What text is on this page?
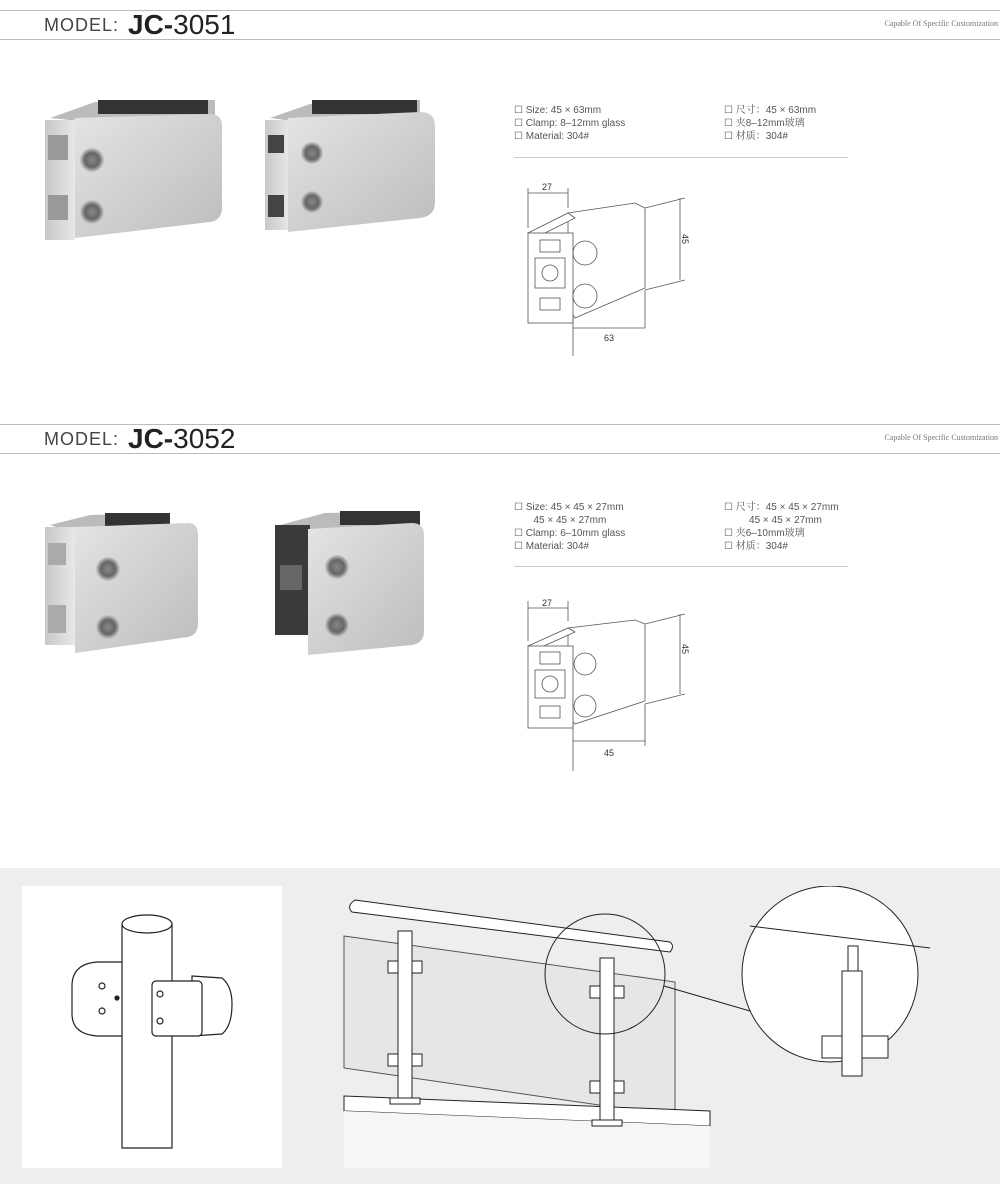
MODEL: JC-3051	Capable Of Specific Customization
☐ Size: 45 × 63mm
☐ Clamp: 8–12mm glass
☐ Material: 304#
☐ 尺寸：45 × 63mm
☐ 夹8–12mm玻璃
☐ 材质：304#
27
45
63
MODEL: JC-3052	Capable Of Specific Customization
☐ Size: 45 × 45 × 27mm
45 × 45 × 27mm
☐ Clamp: 6–10mm glass
☐ Material: 304#
☐ 尺寸：45 × 45 × 27mm
45 × 45 × 27mm
☐ 夹6–10mm玻璃
☐ 材质：304#
27
45
45
